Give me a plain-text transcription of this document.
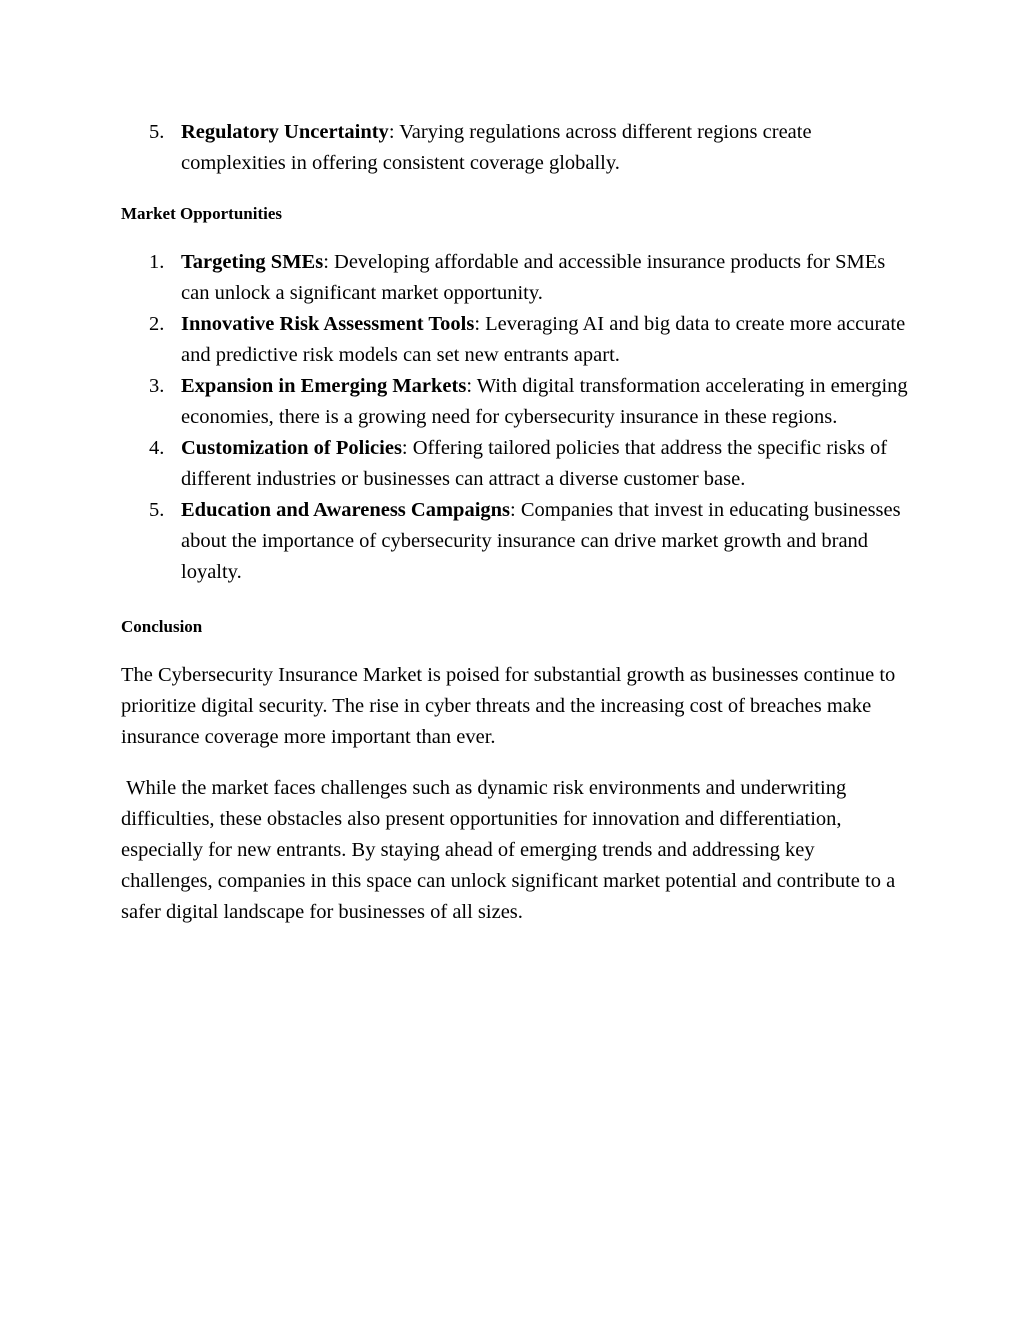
5. Regulatory Uncertainty: Varying regulations across different regions create complexities in offering consistent coverage globally.
Market Opportunities
1. Targeting SMEs: Developing affordable and accessible insurance products for SMEs can unlock a significant market opportunity.
2. Innovative Risk Assessment Tools: Leveraging AI and big data to create more accurate and predictive risk models can set new entrants apart.
3. Expansion in Emerging Markets: With digital transformation accelerating in emerging economies, there is a growing need for cybersecurity insurance in these regions.
4. Customization of Policies: Offering tailored policies that address the specific risks of different industries or businesses can attract a diverse customer base.
5. Education and Awareness Campaigns: Companies that invest in educating businesses about the importance of cybersecurity insurance can drive market growth and brand loyalty.
Conclusion

The Cybersecurity Insurance Market is poised for substantial growth as businesses continue to prioritize digital security. The rise in cyber threats and the increasing cost of breaches make insurance coverage more important than ever.

While the market faces challenges such as dynamic risk environments and underwriting difficulties, these obstacles also present opportunities for innovation and differentiation, especially for new entrants. By staying ahead of emerging trends and addressing key challenges, companies in this space can unlock significant market potential and contribute to a safer digital landscape for businesses of all sizes.
